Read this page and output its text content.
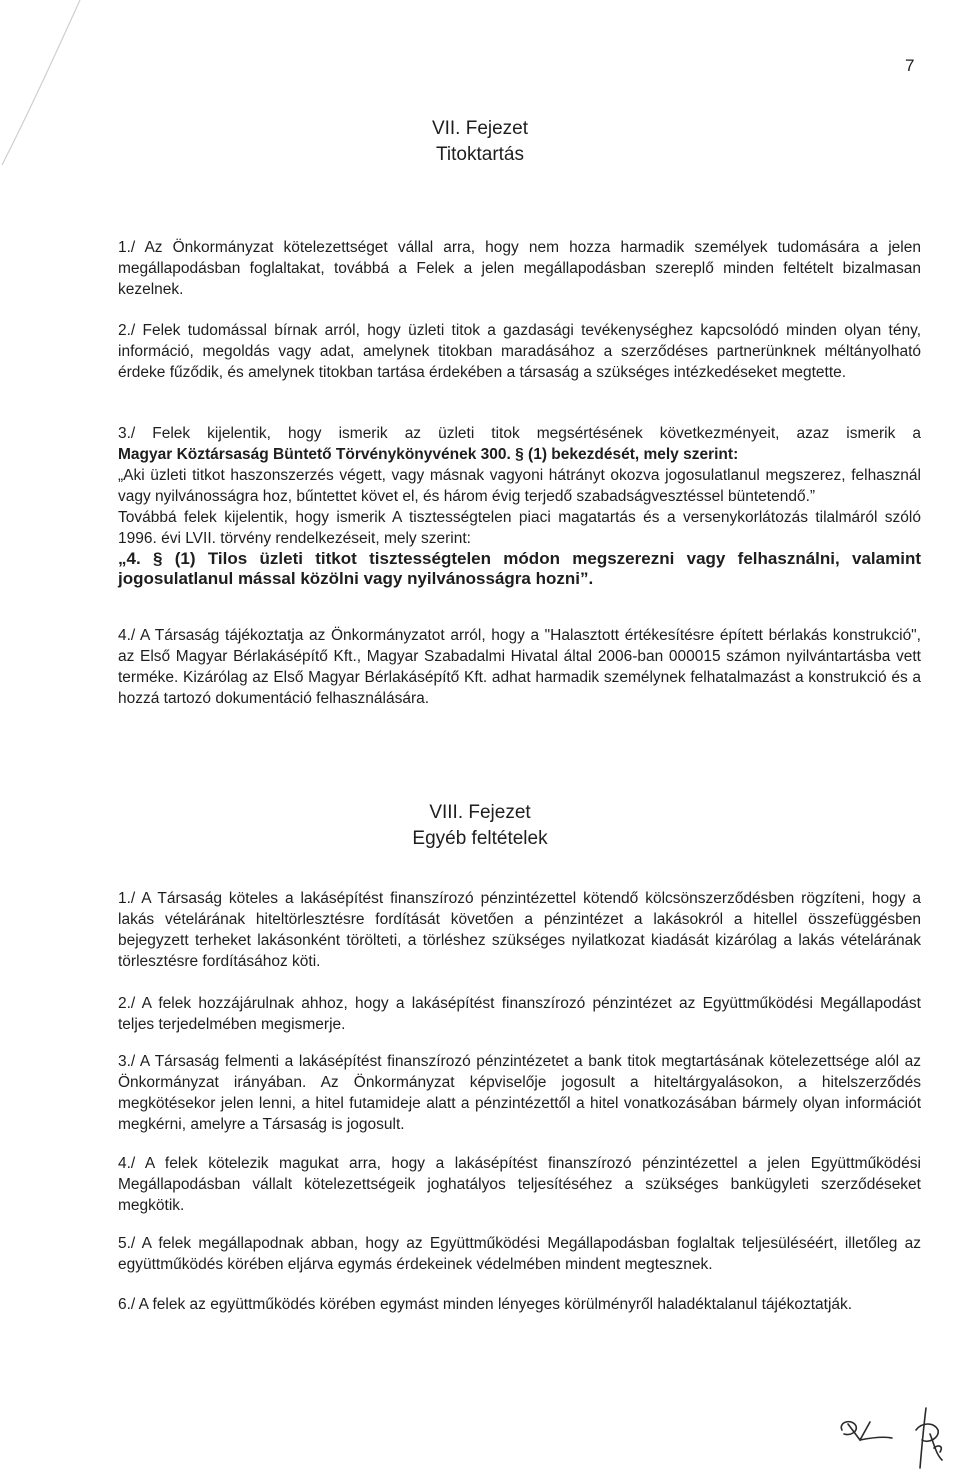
7
VII. Fejezet
Titoktartás

1./ Az Önkormányzat kötelezettséget vállal arra, hogy nem hozza harmadik személyek tudomására a jelen megállapodásban foglaltakat, továbbá a Felek a jelen megállapodásban szereplő minden feltételt bizalmasan kezelnek.

2./ Felek tudomással bírnak arról, hogy üzleti titok a gazdasági tevékenységhez kapcsolódó minden olyan tény, információ, megoldás vagy adat, amelynek titokban maradásához a szerződéses partnerünknek méltányolható érdeke fűződik, és amelynek titokban tartása érdekében a társaság a szükséges intézkedéseket megtette.

3./ Felek kijelentik, hogy ismerik az üzleti titok megsértésének következményeit, azaz ismerik a
Magyar Köztársaság Büntető Törvénykönyvének 300. § (1) bekezdését, mely szerint:
„Aki üzleti titkot haszonszerzés végett, vagy másnak vagyoni hátrányt okozva jogosulatlanul megszerez, felhasznál vagy nyilvánosságra hoz, bűntettet követ el, és három évig terjedő szabadságvesztéssel büntetendő.”
Továbbá felek kijelentik, hogy ismerik A tisztességtelen piaci magatartás és a versenykorlátozás tilalmáról szóló 1996. évi LVII. törvény rendelkezéseit, mely szerint:
„4. § (1) Tilos üzleti titkot tisztességtelen módon megszerezni vagy felhasználni, valamint jogosulatlanul mással közölni vagy nyilvánosságra hozni”.

4./ A Társaság tájékoztatja az Önkormányzatot arról, hogy a "Halasztott értékesítésre épített bérlakás konstrukció", az Első Magyar Bérlakásépítő Kft., Magyar Szabadalmi Hivatal által 2006-ban 000015 számon nyilvántartásba vett terméke. Kizárólag az Első Magyar Bérlakásépítő Kft. adhat harmadik személynek felhatalmazást a konstrukció és a hozzá tartozó dokumentáció felhasználására.

VIII. Fejezet
Egyéb feltételek

1./ A Társaság köteles a lakásépítést finanszírozó pénzintézettel kötendő kölcsönszerződésben rögzíteni, hogy a lakás vételárának hiteltörlesztésre fordítását követően a pénzintézet a lakásokról a hitellel összefüggésben bejegyzett terheket lakásonként törölteti, a törléshez szükséges nyilatkozat kiadását kizárólag a lakás vételárának törlesztésre fordításához köti.

2./ A felek hozzájárulnak ahhoz, hogy a lakásépítést finanszírozó pénzintézet az Együttműködési Megállapodást teljes terjedelmében megismerje.

3./ A Társaság felmenti a lakásépítést finanszírozó pénzintézetet a bank titok megtartásának kötelezettsége alól az Önkormányzat irányában. Az Önkormányzat képviselője jogosult a hiteltárgyalásokon, a hitelszerződés megkötésekor jelen lenni, a hitel futamideje alatt a pénzintézettől a hitel vonatkozásában bármely olyan információt megkérni, amelyre a Társaság is jogosult.

4./ A felek kötelezik magukat arra, hogy a lakásépítést finanszírozó pénzintézettel a jelen Együttműködési Megállapodásban vállalt kötelezettségeik joghatályos teljesítéséhez a szükséges bankügyleti szerződéseket megkötik.

5./ A felek megállapodnak abban, hogy az Együttműködési Megállapodásban foglaltak teljesüléséért, illetőleg az együttműködés körében eljárva egymás érdekeinek védelmében mindent megtesznek.

6./ A felek az együttműködés körében egymást minden lényeges körülményről haladéktalanul tájékoztatják.
